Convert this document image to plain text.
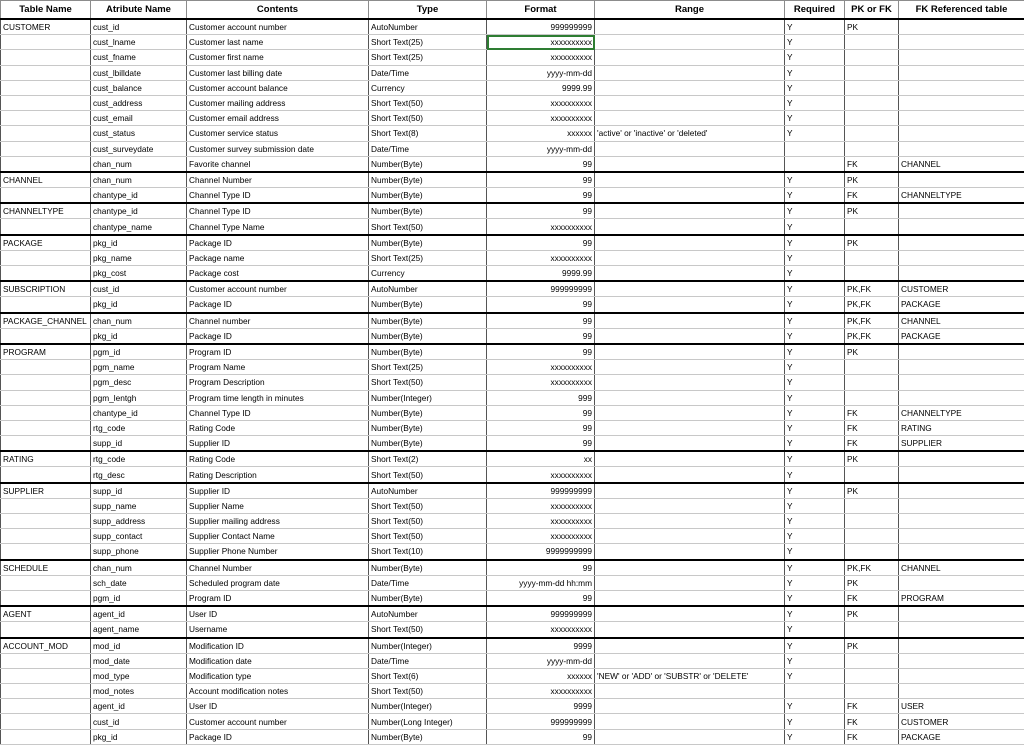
Table Name	Atribute Name	Contents	Type	Format	Range	Required	PK or FK	FK Referenced table
CUSTOMER	cust_id	Customer account number	AutoNumber	999999999		Y	PK	
	cust_lname	Customer last name	Short Text(25)	xxxxxxxxxx		Y		
	cust_fname	Customer first name	Short Text(25)	xxxxxxxxxx		Y		
	cust_lbilldate	Customer last billing date	Date/Time	yyyy-mm-dd		Y		
	cust_balance	Customer account balance	Currency	9999.99		Y		
	cust_address	Customer mailing address	Short Text(50)	xxxxxxxxxx		Y		
	cust_email	Customer email address	Short Text(50)	xxxxxxxxxx		Y		
	cust_status	Customer service status	Short Text(8)	xxxxxx	'active' or 'inactive' or 'deleted'	Y		
	cust_surveydate	Customer survey submission date	Date/Time	yyyy-mm-dd				
	chan_num	Favorite channel	Number(Byte)	99			FK	CHANNEL
CHANNEL	chan_num	Channel Number	Number(Byte)	99		Y	PK	
	chantype_id	Channel Type ID	Number(Byte)	99		Y	FK	CHANNELTYPE
CHANNELTYPE	chantype_id	Channel Type ID	Number(Byte)	99		Y	PK	
	chantype_name	Channel Type Name	Short Text(50)	xxxxxxxxxx		Y		
PACKAGE	pkg_id	Package ID	Number(Byte)	99		Y	PK	
	pkg_name	Package name	Short Text(25)	xxxxxxxxxx		Y		
	pkg_cost	Package cost	Currency	9999.99		Y		
SUBSCRIPTION	cust_id	Customer account number	AutoNumber	999999999		Y	PK,FK	CUSTOMER
	pkg_id	Package ID	Number(Byte)	99		Y	PK,FK	PACKAGE
PACKAGE_CHANNEL	chan_num	Channel number	Number(Byte)	99		Y	PK,FK	CHANNEL
	pkg_id	Package ID	Number(Byte)	99		Y	PK,FK	PACKAGE
PROGRAM	pgm_id	Program ID	Number(Byte)	99		Y	PK	
	pgm_name	Program Name	Short Text(25)	xxxxxxxxxx		Y		
	pgm_desc	Program Description	Short Text(50)	xxxxxxxxxx		Y		
	pgm_lentgh	Program time length in minutes	Number(Integer)	999		Y		
	chantype_id	Channel Type ID	Number(Byte)	99		Y	FK	CHANNELTYPE
	rtg_code	Rating Code	Number(Byte)	99		Y	FK	RATING
	supp_id	Supplier ID	Number(Byte)	99		Y	FK	SUPPLIER
RATING	rtg_code	Rating Code	Short Text(2)	xx		Y	PK	
	rtg_desc	Rating Description	Short Text(50)	xxxxxxxxxx		Y		
SUPPLIER	supp_id	Supplier ID	AutoNumber	999999999		Y	PK	
	supp_name	Supplier Name	Short Text(50)	xxxxxxxxxx		Y		
	supp_address	Supplier mailing address	Short Text(50)	xxxxxxxxxx		Y		
	supp_contact	Supplier Contact Name	Short Text(50)	xxxxxxxxxx		Y		
	supp_phone	Supplier Phone Number	Short Text(10)	9999999999		Y		
SCHEDULE	chan_num	Channel Number	Number(Byte)	99		Y	PK,FK	CHANNEL
	sch_date	Scheduled program date	Date/Time	yyyy-mm-dd hh:mm		Y	PK	
	pgm_id	Program ID	Number(Byte)	99		Y	FK	PROGRAM
AGENT	agent_id	User ID	AutoNumber	999999999		Y	PK	
	agent_name	Username	Short Text(50)	xxxxxxxxxx		Y		
ACCOUNT_MOD	mod_id	Modification ID	Number(Integer)	9999		Y	PK	
	mod_date	Modification date	Date/Time	yyyy-mm-dd		Y		
	mod_type	Modification type	Short Text(6)	xxxxxx	'NEW' or 'ADD' or 'SUBSTR' or 'DELETE'	Y		
	mod_notes	Account modification notes	Short Text(50)	xxxxxxxxxx				
	agent_id	User ID	Number(Integer)	9999		Y	FK	USER
	cust_id	Customer account number	Number(Long Integer)	999999999		Y	FK	CUSTOMER
	pkg_id	Package ID	Number(Byte)	99		Y	FK	PACKAGE
